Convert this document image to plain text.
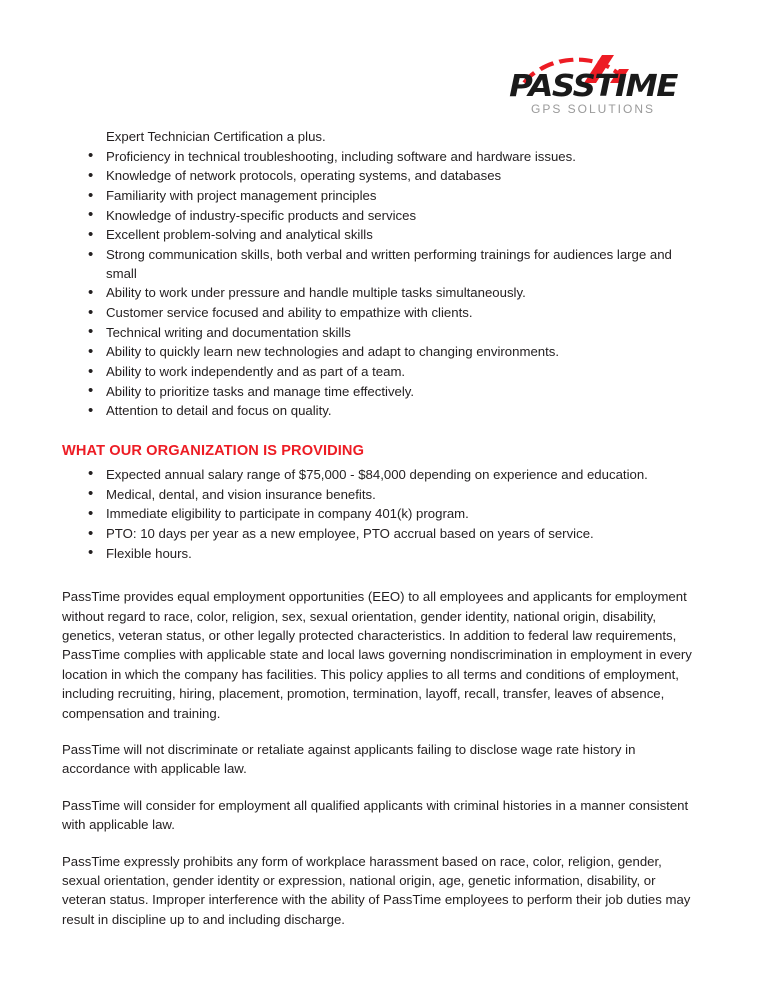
PASSTIME
GPS SOLUTIONS
Expert Technician Certification a plus.
• Proficiency in technical troubleshooting, including software and hardware issues.
• Knowledge of network protocols, operating systems, and databases
• Familiarity with project management principles
• Knowledge of industry-specific products and services
• Excellent problem-solving and analytical skills
• Strong communication skills, both verbal and written performing trainings for audiences large and small
• Ability to work under pressure and handle multiple tasks simultaneously.
• Customer service focused and ability to empathize with clients.
• Technical writing and documentation skills
• Ability to quickly learn new technologies and adapt to changing environments.
• Ability to work independently and as part of a team.
• Ability to prioritize tasks and manage time effectively.
• Attention to detail and focus on quality.
WHAT OUR ORGANIZATION IS PROVIDING
• Expected annual salary range of $75,000 - $84,000 depending on experience and education.
• Medical, dental, and vision insurance benefits.
• Immediate eligibility to participate in company 401(k) program.
• PTO: 10 days per year as a new employee, PTO accrual based on years of service.
• Flexible hours.

PassTime provides equal employment opportunities (EEO) to all employees and applicants for employment without regard to race, color, religion, sex, sexual orientation, gender identity, national origin, disability, genetics, veteran status, or other legally protected characteristics. In addition to federal law requirements, PassTime complies with applicable state and local laws governing nondiscrimination in employment in every location in which the company has facilities. This policy applies to all terms and conditions of employment, including recruiting, hiring, placement, promotion, termination, layoff, recall, transfer, leaves of absence, compensation and training.

PassTime will not discriminate or retaliate against applicants failing to disclose wage rate history in accordance with applicable law.

PassTime will consider for employment all qualified applicants with criminal histories in a manner consistent with applicable law.

PassTime expressly prohibits any form of workplace harassment based on race, color, religion, gender, sexual orientation, gender identity or expression, national origin, age, genetic information, disability, or veteran status. Improper interference with the ability of PassTime employees to perform their job duties may result in discipline up to and including discharge.
